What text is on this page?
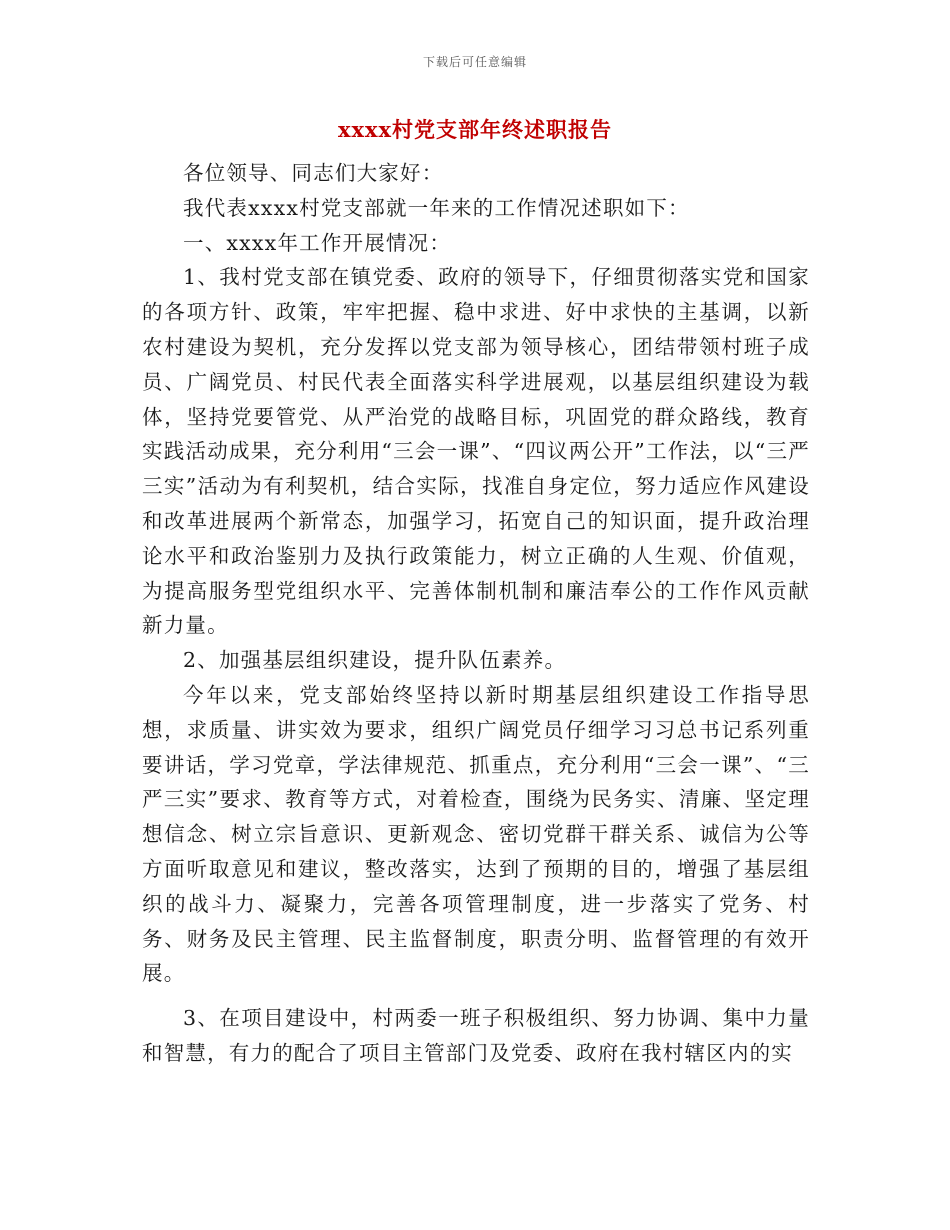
下载后可任意编辑
xxxx村党支部年终述职报告

各位领导、同志们大家好：

我代表xxxx村党支部就一年来的工作情况述职如下：

一、xxxx年工作开展情况：

1、我村党支部在镇党委、政府的领导下，仔细贯彻落实党和国家的各项方针、政策，牢牢把握、稳中求进、好中求快的主基调，以新农村建设为契机，充分发挥以党支部为领导核心，团结带领村班子成员、广阔党员、村民代表全面落实科学进展观，以基层组织建设为载体，坚持党要管党、从严治党的战略目标，巩固党的群众路线，教育实践活动成果，充分利用“三会一课”、“四议两公开”工作法，以“三严三实”活动为有利契机，结合实际，找准自身定位，努力适应作风建设和改革进展两个新常态，加强学习，拓宽自己的知识面，提升政治理论水平和政治鉴别力及执行政策能力，树立正确的人生观、价值观，为提高服务型党组织水平、完善体制机制和廉洁奉公的工作作风贡献新力量。

2、加强基层组织建设，提升队伍素养。

今年以来，党支部始终坚持以新时期基层组织建设工作指导思想，求质量、讲实效为要求，组织广阔党员仔细学习习总书记系列重要讲话，学习党章，学法律规范、抓重点，充分利用“三会一课”、“三严三实”要求、教育等方式，对着检查，围绕为民务实、清廉、坚定理想信念、树立宗旨意识、更新观念、密切党群干群关系、诚信为公等方面听取意见和建议，整改落实，达到了预期的目的，增强了基层组织的战斗力、凝聚力，完善各项管理制度，进一步落实了党务、村务、财务及民主管理、民主监督制度，职责分明、监督管理的有效开展。

3、在项目建设中，村两委一班子积极组织、努力协调、集中力量和智慧，有力的配合了项目主管部门及党委、政府在我村辖区内的实
